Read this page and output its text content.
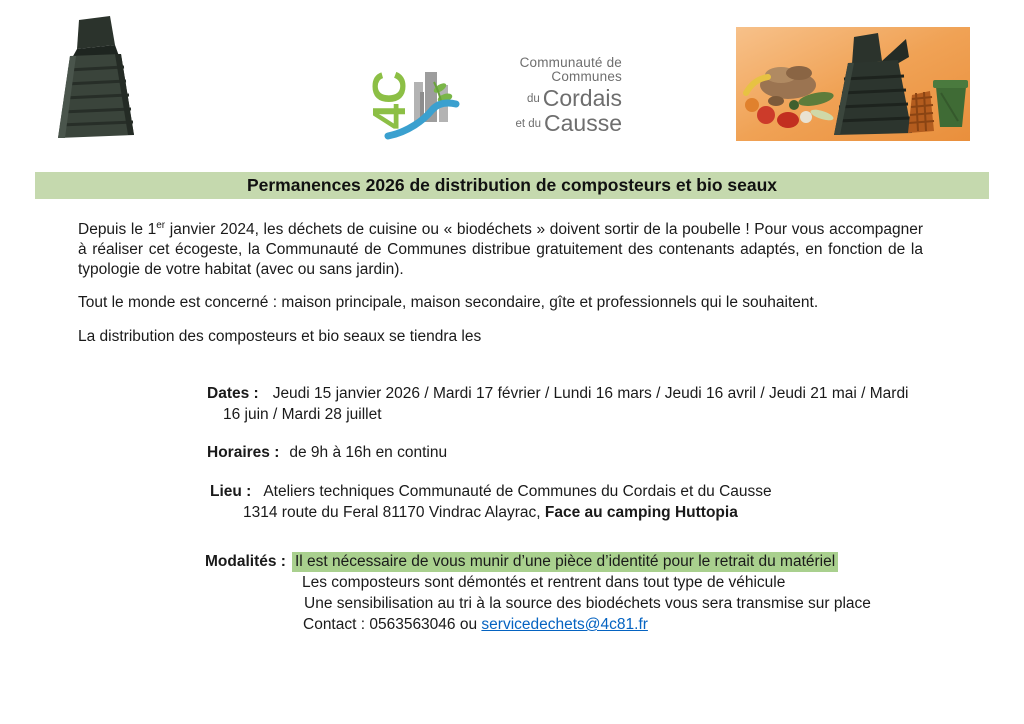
4C
Communauté de Communes
$^{du}$ Cordais
$^{et du}$ Causse
Permanences 2026 de distribution de composteurs et bio seaux

Depuis le 1er janvier 2024, les déchets de cuisine ou « biodéchets » doivent sortir de la poubelle ! Pour vous accompagner à réaliser cet écogeste, la Communauté de Communes distribue gratuitement des contenants adaptés, en fonction de la typologie de votre habitat (avec ou sans jardin).

Tout le monde est concerné : maison principale, maison secondaire, gîte et professionnels qui le souhaitent.

La distribution des composteurs et bio seaux se tiendra les

Dates : Jeudi 15 janvier 2026 / Mardi 17 février / Lundi 16 mars / Jeudi 16 avril / Jeudi 21 mai / Mardi
16 juin / Mardi 28 juillet
Horaires : de 9h à 16h en continu
Lieu : Ateliers techniques Communauté de Communes du Cordais et du Causse
1314 route du Feral 81170 Vindrac Alayrac, Face au camping Huttopia
Modalités : Il est nécessaire de vous munir d’une pièce d’identité pour le retrait du matériel
Les composteurs sont démontés et rentrent dans tout type de véhicule
Une sensibilisation au tri à la source des biodéchets vous sera transmise sur place
Contact : 0563563046 ou servicedechets@4c81.fr
